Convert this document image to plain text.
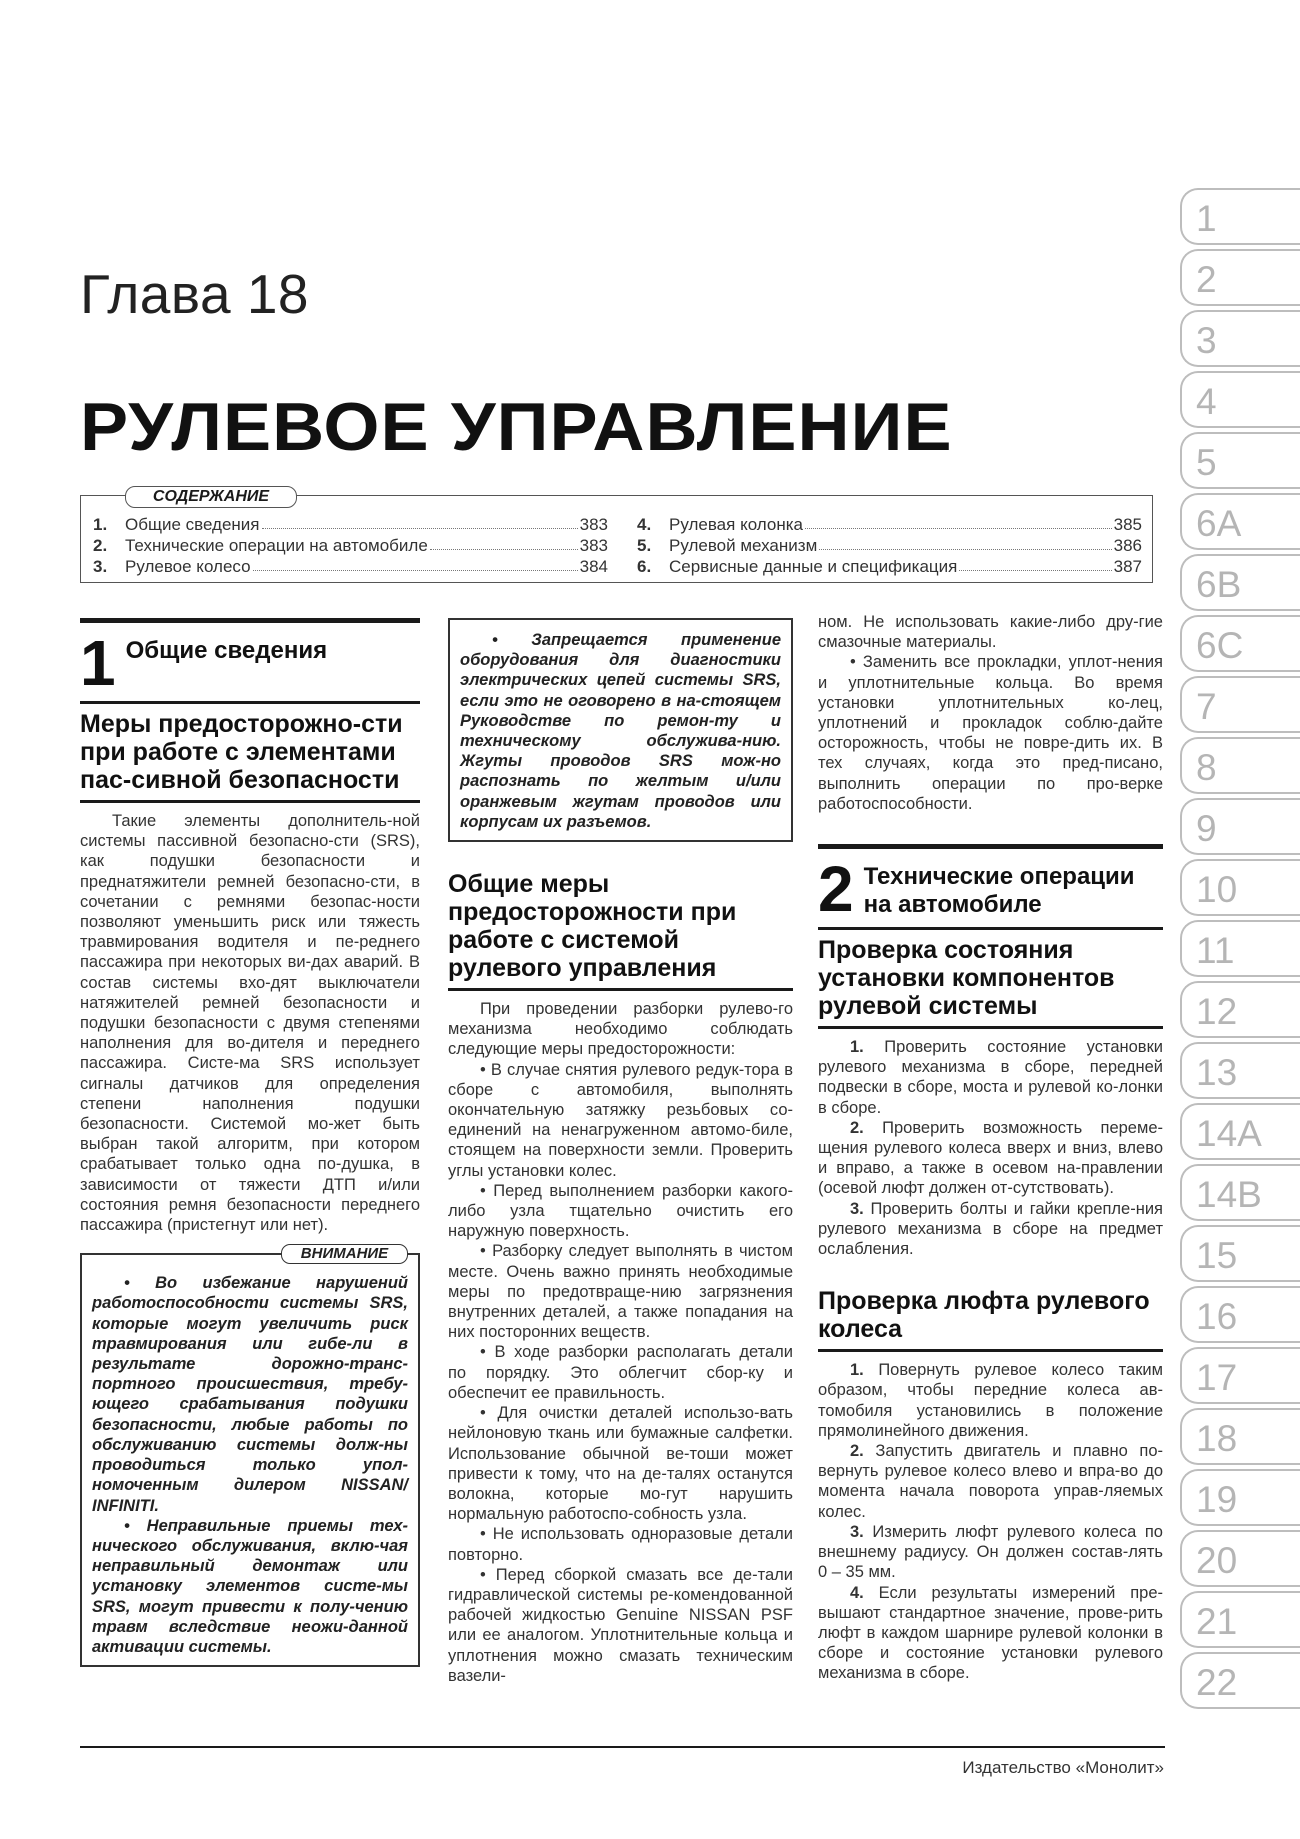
Глава 18
РУЛЕВОЕ УПРАВЛЕНИЕ
СОДЕРЖАНИЕ
1.	Общие сведения	383
2.	Технические операции на автомобиле	383
3.	Рулевое колесо	384
4.	Рулевая колонка	385
5.	Рулевой механизм	386
6.	Сервисные данные и спецификация	387
1
2
3
4
5
6A
6B
6C
7
8
9
10
11
12
13
14A
14B
15
16
17
18
19
20
21
22
1 Общие сведения
Меры предосторожно-сти при работе с элементами пас-сивной безопасности

Такие элементы дополнитель-ной системы пассивной безопасно-сти (SRS), как подушки безопасности и преднатяжители ремней безопасно-сти, в сочетании с ремнями безопас-ности позволяют уменьшить риск или тяжесть травмирования водителя и пе-реднего пассажира при некоторых ви-дах аварий. В состав системы вхо-дят выключатели натяжителей ремней безопасности и подушки безопасности с двумя степенями наполнения для во-дителя и переднего пассажира. Систе-ма SRS использует сигналы датчиков для определения степени наполнения подушки безопасности. Системой мо-жет быть выбран такой алгоритм, при котором срабатывает только одна по-душка, в зависимости от тяжести ДТП и/или состояния ремня безопасности переднего пассажира (пристегнут или нет).

ВНИМАНИЕ

• Во избежание нарушений работоспособности системы SRS, которые могут увеличить риск травмирования или гибе-ли в результате дорожно-транс-портного происшествия, требу-ющего срабатывания подушки безопасности, любые работы по обслуживанию системы долж-ны проводиться только упол-номоченным дилером NISSAN/ INFINITI.

• Неправильные приемы тех-нического обслуживания, вклю-чая неправильный демонтаж или установку элементов систе-мы SRS, могут привести к полу-чению травм вследствие неожи-данной активации системы.

• Запрещается применение оборудования для диагностики электрических цепей системы SRS, если это не оговорено в на-стоящем Руководстве по ремон-ту и техническому обслужива-нию. Жгуты проводов SRS мож-но распознать по желтым и/или оранжевым жгутам проводов или корпусам их разъемов.

Общие меры предосторожности при работе с системой рулевого управления

При проведении разборки рулево-го механизма необходимо соблюдать следующие меры предосторожности:

• В случае снятия рулевого редук-тора в сборе с автомобиля, выполнять окончательную затяжку резьбовых со-единений на ненагруженном автомо-биле, стоящем на поверхности земли. Проверить углы установки колес.

• Перед выполнением разборки какого-либо узла тщательно очистить его наружную поверхность.

• Разборку следует выполнять в чистом месте. Очень важно принять необходимые меры по предотвраще-нию загрязнения внутренних деталей, а также попадания на них посторонних веществ.

• В ходе разборки располагать детали по порядку. Это облегчит сбор-ку и обеспечит ее правильность.

• Для очистки деталей использо-вать нейлоновую ткань или бумажные салфетки. Использование обычной ве-тоши может привести к тому, что на де-талях останутся волокна, которые мо-гут нарушить нормальную работоспо-собность узла.

• Не использовать одноразовые детали повторно.

• Перед сборкой смазать все де-тали гидравлической системы ре-комендованной рабочей жидкостью Genuine NISSAN PSF или ее аналогом. Уплотнительные кольца и уплотнения можно смазать техническим вазели-

ном. Не использовать какие-либо дру-гие смазочные материалы.

• Заменить все прокладки, уплот-нения и уплотнительные кольца. Во время установки уплотнительных ко-лец, уплотнений и прокладок соблю-дайте осторожность, чтобы не повре-дить их. В тех случаях, когда это пред-писано, выполнить операции по про-верке работоспособности.

2 Технические операции на автомобиле
Проверка состояния установки компонентов рулевой системы

1. Проверить состояние установки рулевого механизма в сборе, передней подвески в сборе, моста и рулевой ко-лонки в сборе.

2. Проверить возможность переме-щения рулевого колеса вверх и вниз, влево и вправо, а также в осевом на-правлении (осевой люфт должен от-сутствовать).

3. Проверить болты и гайки крепле-ния рулевого механизма в сборе на предмет ослабления.

Проверка люфта рулевого колеса

1. Повернуть рулевое колесо таким образом, чтобы передние колеса ав-томобиля установились в положение прямолинейного движения.

2. Запустить двигатель и плавно по-вернуть рулевое колесо влево и впра-во до момента начала поворота управ-ляемых колес.

3. Измерить люфт рулевого колеса по внешнему радиусу. Он должен состав-лять 0 – 35 мм.

4. Если результаты измерений пре-вышают стандартное значение, прове-рить люфт в каждом шарнире рулевой колонки в сборе и состояние установки рулевого механизма в сборе.

Издательство «Монолит»
